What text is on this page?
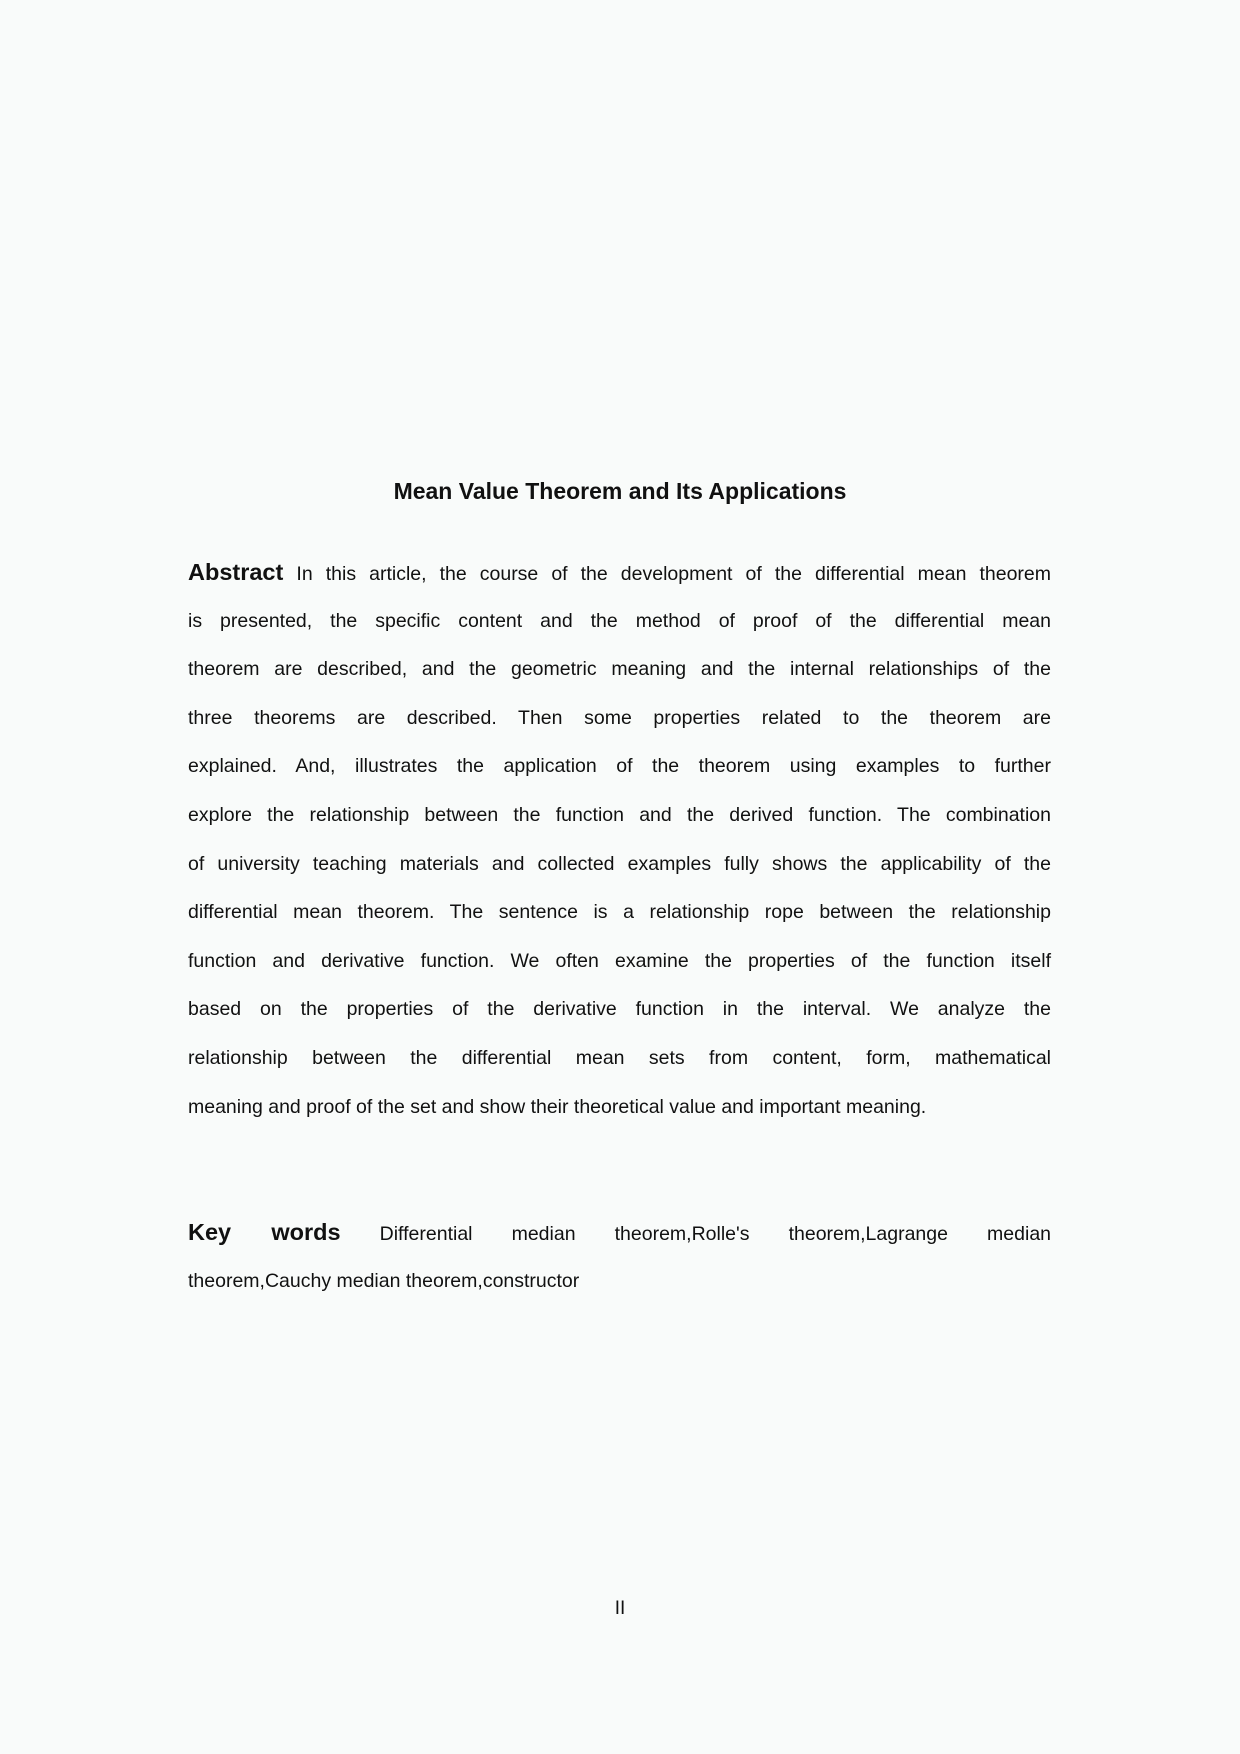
Mean Value Theorem and Its Applications
Abstract In this article, the course of the development of the differential mean theorem
is presented, the specific content and the method of proof of the differential mean
theorem are described, and the geometric meaning and the internal relationships of the
three theorems are described. Then some properties related to the theorem are
explained. And, illustrates the application of the theorem using examples to further
explore the relationship between the function and the derived function. The combination
of university teaching materials and collected examples fully shows the applicability of the
differential mean theorem. The sentence is a relationship rope between the relationship
function and derivative function. We often examine the properties of the function itself
based on the properties of the derivative function in the interval. We analyze the
relationship between the differential mean sets from content, form, mathematical
meaning and proof of the set and show their theoretical value and important meaning.
Key words Differential median theorem,Rolle's theorem,Lagrange median
theorem,Cauchy median theorem,constructor
II
